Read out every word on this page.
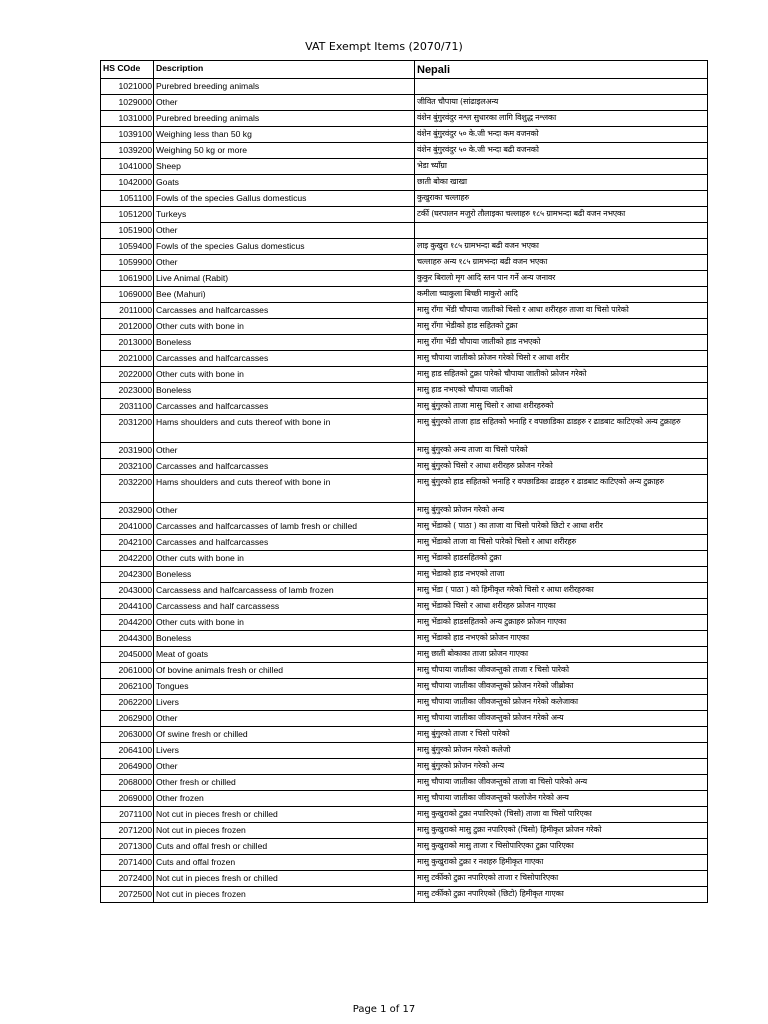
VAT Exempt Items (2070/71)
HS COde	Description	Nepali
1021000	Purebred breeding animals	
1029000	Other	जीवित चौपाया (सांढाइलअन्य
1031000	Purebred breeding animals	वंशेन बुंगुरवंदुर नश्ल सुधारका लागि विशुद्ध नश्लका
1039100	Weighing less than 50 kg	वंशेन बुंगुरवंदुर ५० के.जी भन्दा कम वजनको
1039200	Weighing 50 kg or more	वंशेन बुंगुरवंदुर ५० के.जी भन्दा बढी वजनको
1041000	Sheep	भेडा च्याँग्रा
1042000	Goats	छाती बोका खाखा
1051100	Fowls of the species Gallus domesticus	कुखुराका चल्लाहरु
1051200	Turkeys	टर्की (घरपालन मजुरो तौलाइका चल्लाहरु १८५ ग्रामभन्दा बढी वजन नभएका
1051900	Other	
1059400	Fowls of the species Galus domesticus	लाइ कुखुरा १८५ ग्रामभन्दा बढी वजन भएका
1059900	Other	चल्लाहरु अन्य १८५ ग्रामभन्दा बढी वजन भएका
1061900	Live Animal (Rabit)	कुकुर बिरालो मृग आदि स्तन पान गर्ने अन्य जनावर
1069000	Bee (Mahuri)	कमीला च्याकुला बिच्छी माकुरो आदि
2011000	Carcasses and halfcarcasses	मासु राँगा भेंडी चौपाया जातीको चिसो र आधा शरीरहरु ताजा वा चिसो पारेको
2012000	Other cuts with bone in	मासु राँगा भेडीको हाड सहितको टुक्रा
2013000	Boneless	मासु राँगा भेंडी चौपाया जातीको हाड नभएको
2021000	Carcasses and halfcarcasses	मासु चौपाया जातीको फ्रोजन गरेको चिसो र आधा शरीर
2022000	Other cuts with bone in	मासु हाड सहितको टुक्रा पारेको चौपाया जातीको फ्रोजन गरेको
2023000	Boneless	मासु हाड नभएको चौपाया जातीको
2031100	Carcasses and halfcarcasses	मासु बुंगुरको ताजा मासु चिसो र आधा शरीरहरुको
2031200	Hams shoulders and cuts thereof with bone in	मासु बुंगुरको ताजा हाड सहितको भनाहि र वपछाडिका ढाडहरु र ढाडबाट काटिएको अन्य टुक्राहरु
2031900	Other	मासु बुंगुरको अन्य ताजा वा चिसो पारेको
2032100	Carcasses and halfcarcasses	मासु बुंगुरको चिसो र आधा शरीरहरु फ्रोजन गरेको
2032200	Hams shoulders and cuts thereof with bone in	मासु बुंगुरको हाड सहितको भनाहि र वपछाडिका ढाडहरु र ढाडबाट काटिएको अन्य टुक्राहरु
2032900	Other	मासु बुंगुरको फ्रोजन गरेको अन्य
2041000	Carcasses and halfcarcasses of lamb fresh or chilled	मासु भेंडाको ( पाठा ) का ताजा वा चिसो पारेको छिटो र आधा शरीर
2042100	Carcasses and halfcarcasses	मासु भेंडाको ताजा वा चिसो पारेको चिसो र आधा शरीरहरु
2042200	Other cuts with bone in	मासु भेंडाको हाडसहितको टुक्रा
2042300	Boneless	मासु भेडाको हाड नभएको ताजा
2043000	Carcassess and halfcarcassess of lamb frozen	मासु भेंडा ( पाठा ) को हिमीकृत गरेको चिसो र आधा शरीरहरुका
2044100	Carcassess and half carcassess	मासु भेंडाको चिसो र आधा शरीरहरु फ्रोजन गाएका
2044200	Other cuts with bone in	मासु भेंडाको हाडसहितको अन्य टुक्राहरु फ्रोजन गाएका
2044300	Boneless	मासु भेंडाको हाड नभएको फ्रोजन गाएका
2045000	Meat of goats	मासु छाती बोकाका ताजा फ्रोजन गाएका
2061000	Of bovine animals fresh or chilled	मासु चौपाया जातीका जीवजन्तुको ताजा र चिसो पारेको
2062100	Tongues	मासु चौपाया जातीका जीवजन्तुको फ्रोजन गरेको जीब्रोका
2062200	Livers	मासु चौपाया जातीका जीवजन्तुको फ्रोजन गरेको कलेजाका
2062900	Other	मासु चौपाया जातीका जीवजन्तुको फ्रोजन गरेको अन्य
2063000	Of swine fresh or chilled	मासु बुंगुरको ताजा र चिसो पारेको
2064100	Livers	मासु बुंगुरको फ्रोजन गरेको कलेजो
2064900	Other	मासु बुंगुरको फ्रोजन गरेको अन्य
2068000	Other fresh or chilled	मासु चौपाया जातीका जीवजन्तुको ताजा वा चिसो पारेको अन्य
2069000	Other frozen	मासु चौपाया जातीका जीवजन्तुको फलोजेन गरेको अन्य
2071100	Not cut in pieces fresh or chilled	मासु कुखुराको टुक्रा नपारिएको (चिसो) ताजा वा चिसो पारिएका
2071200	Not cut in pieces frozen	मासु कुखुराको मासु टुक्रा नपारिएको (चिसो) हिमीकृत फ्रोजन गरेको
2071300	Cuts and offal fresh or chilled	मासु कुखुराको मासु ताजा र चिसोपारिएका टुक्रा पारिएका
2071400	Cuts and offal frozen	मासु कुखुराको टुक्रा र नशहरु हिमीकृत गाएका
2072400	Not cut in pieces fresh or chilled	मासु टर्कीको टुक्रा नपारिएको ताजा र चिसोपारिएका
2072500	Not cut in pieces frozen	मासु टर्कीको टुक्रा नपारिएको (छिटो) हिमीकृत गाएका
Page 1 of 17
